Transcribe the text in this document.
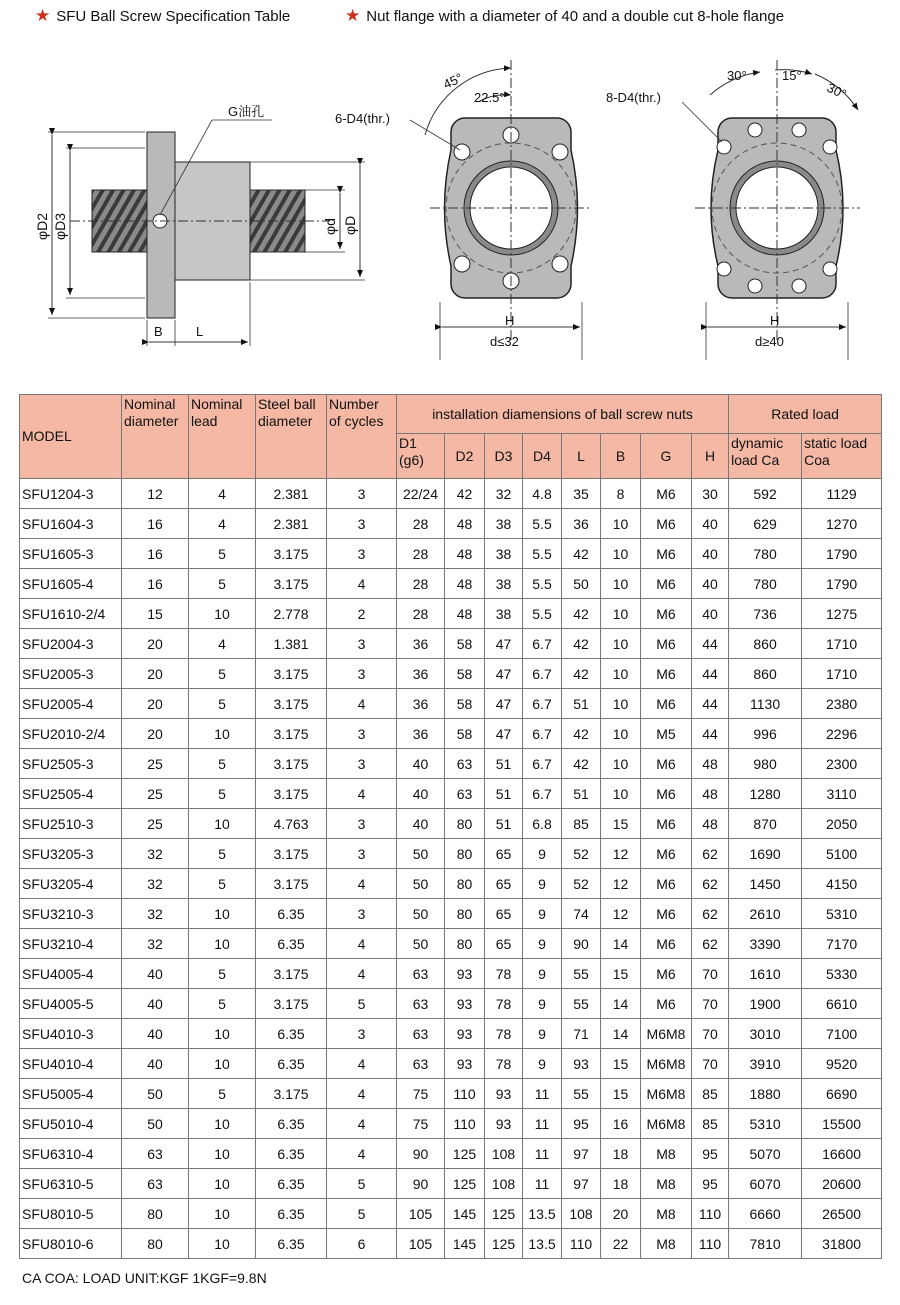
★ SFU Ball Screw Specification Table	★ Nut flange with a diameter of 40 and a double cut 8-hole flange
G油孔
φD2 φD3	φd φD
B	L
45°
22.5°
6-D4(thr.)
H
d≤32
30°	15°
30°
8-D4(thr.)
H
d≥40
MODEL	Nominal diameter	Nominal lead	Steel ball diameter	Number of cycles	installation diamensions of ball screw nuts								Rated load	
					D1 (g6)	D2	D3	D4	L	B	G	H	dynamic load Ca	static load Coa
SFU1204-3	12	4	2.381	3	22/24	42	32	4.8	35	8	M6	30	592	1129
SFU1604-3	16	4	2.381	3	28	48	38	5.5	36	10	M6	40	629	1270
SFU1605-3	16	5	3.175	3	28	48	38	5.5	42	10	M6	40	780	1790
SFU1605-4	16	5	3.175	4	28	48	38	5.5	50	10	M6	40	780	1790
SFU1610-2/4	15	10	2.778	2	28	48	38	5.5	42	10	M6	40	736	1275
SFU2004-3	20	4	1.381	3	36	58	47	6.7	42	10	M6	44	860	1710
SFU2005-3	20	5	3.175	3	36	58	47	6.7	42	10	M6	44	860	1710
SFU2005-4	20	5	3.175	4	36	58	47	6.7	51	10	M6	44	1130	2380
SFU2010-2/4	20	10	3.175	3	36	58	47	6.7	42	10	M5	44	996	2296
SFU2505-3	25	5	3.175	3	40	63	51	6.7	42	10	M6	48	980	2300
SFU2505-4	25	5	3.175	4	40	63	51	6.7	51	10	M6	48	1280	3110
SFU2510-3	25	10	4.763	3	40	80	51	6.8	85	15	M6	48	870	2050
SFU3205-3	32	5	3.175	3	50	80	65	9	52	12	M6	62	1690	5100
SFU3205-4	32	5	3.175	4	50	80	65	9	52	12	M6	62	1450	4150
SFU3210-3	32	10	6.35	3	50	80	65	9	74	12	M6	62	2610	5310
SFU3210-4	32	10	6.35	4	50	80	65	9	90	14	M6	62	3390	7170
SFU4005-4	40	5	3.175	4	63	93	78	9	55	15	M6	70	1610	5330
SFU4005-5	40	5	3.175	5	63	93	78	9	55	14	M6	70	1900	6610
SFU4010-3	40	10	6.35	3	63	93	78	9	71	14	M6M8	70	3010	7100
SFU4010-4	40	10	6.35	4	63	93	78	9	93	15	M6M8	70	3910	9520
SFU5005-4	50	5	3.175	4	75	110	93	11	55	15	M6M8	85	1880	6690
SFU5010-4	50	10	6.35	4	75	110	93	11	95	16	M6M8	85	5310	15500
SFU6310-4	63	10	6.35	4	90	125	108	11	97	18	M8	95	5070	16600
SFU6310-5	63	10	6.35	5	90	125	108	11	97	18	M8	95	6070	20600
SFU8010-5	80	10	6.35	5	105	145	125	13.5	108	20	M8	110	6660	26500
SFU8010-6	80	10	6.35	6	105	145	125	13.5	110	22	M8	110	7810	31800
CA COA: LOAD UNIT:KGF 1KGF=9.8N
